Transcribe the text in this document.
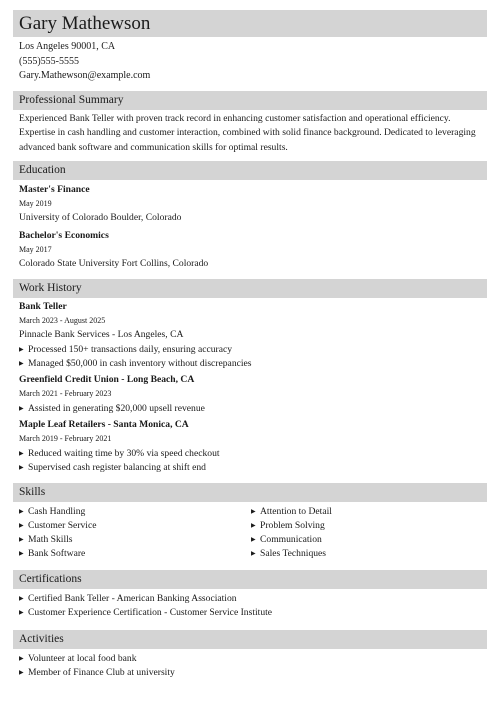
Gary Mathewson
Los Angeles 90001, CA
(555)555-5555
Gary.Mathewson@example.com
Professional Summary
Experienced Bank Teller with proven track record in enhancing customer satisfaction and operational efficiency. Expertise in cash handling and customer interaction, combined with solid finance background. Dedicated to leveraging advanced bank software and communication skills for optimal results.
Education
Master's Finance
May 2019
University of Colorado Boulder, Colorado
Bachelor's Economics
May 2017
Colorado State University Fort Collins, Colorado
Work History
Bank Teller
March 2023 - August 2025
Pinnacle Bank Services - Los Angeles, CA
▶ Processed 150+ transactions daily, ensuring accuracy
▶ Managed $50,000 in cash inventory without discrepancies
Greenfield Credit Union - Long Beach, CA
March 2021 - February 2023
▶ Assisted in generating $20,000 upsell revenue
Maple Leaf Retailers - Santa Monica, CA
March 2019 - February 2021
▶ Reduced waiting time by 30% via speed checkout
▶ Supervised cash register balancing at shift end
Skills
▶ Cash Handling
▶ Customer Service
▶ Math Skills
▶ Bank Software
▶ Attention to Detail
▶ Problem Solving
▶ Communication
▶ Sales Techniques
Certifications
▶ Certified Bank Teller - American Banking Association
▶ Customer Experience Certification - Customer Service Institute
Activities
▶ Volunteer at local food bank
▶ Member of Finance Club at university
